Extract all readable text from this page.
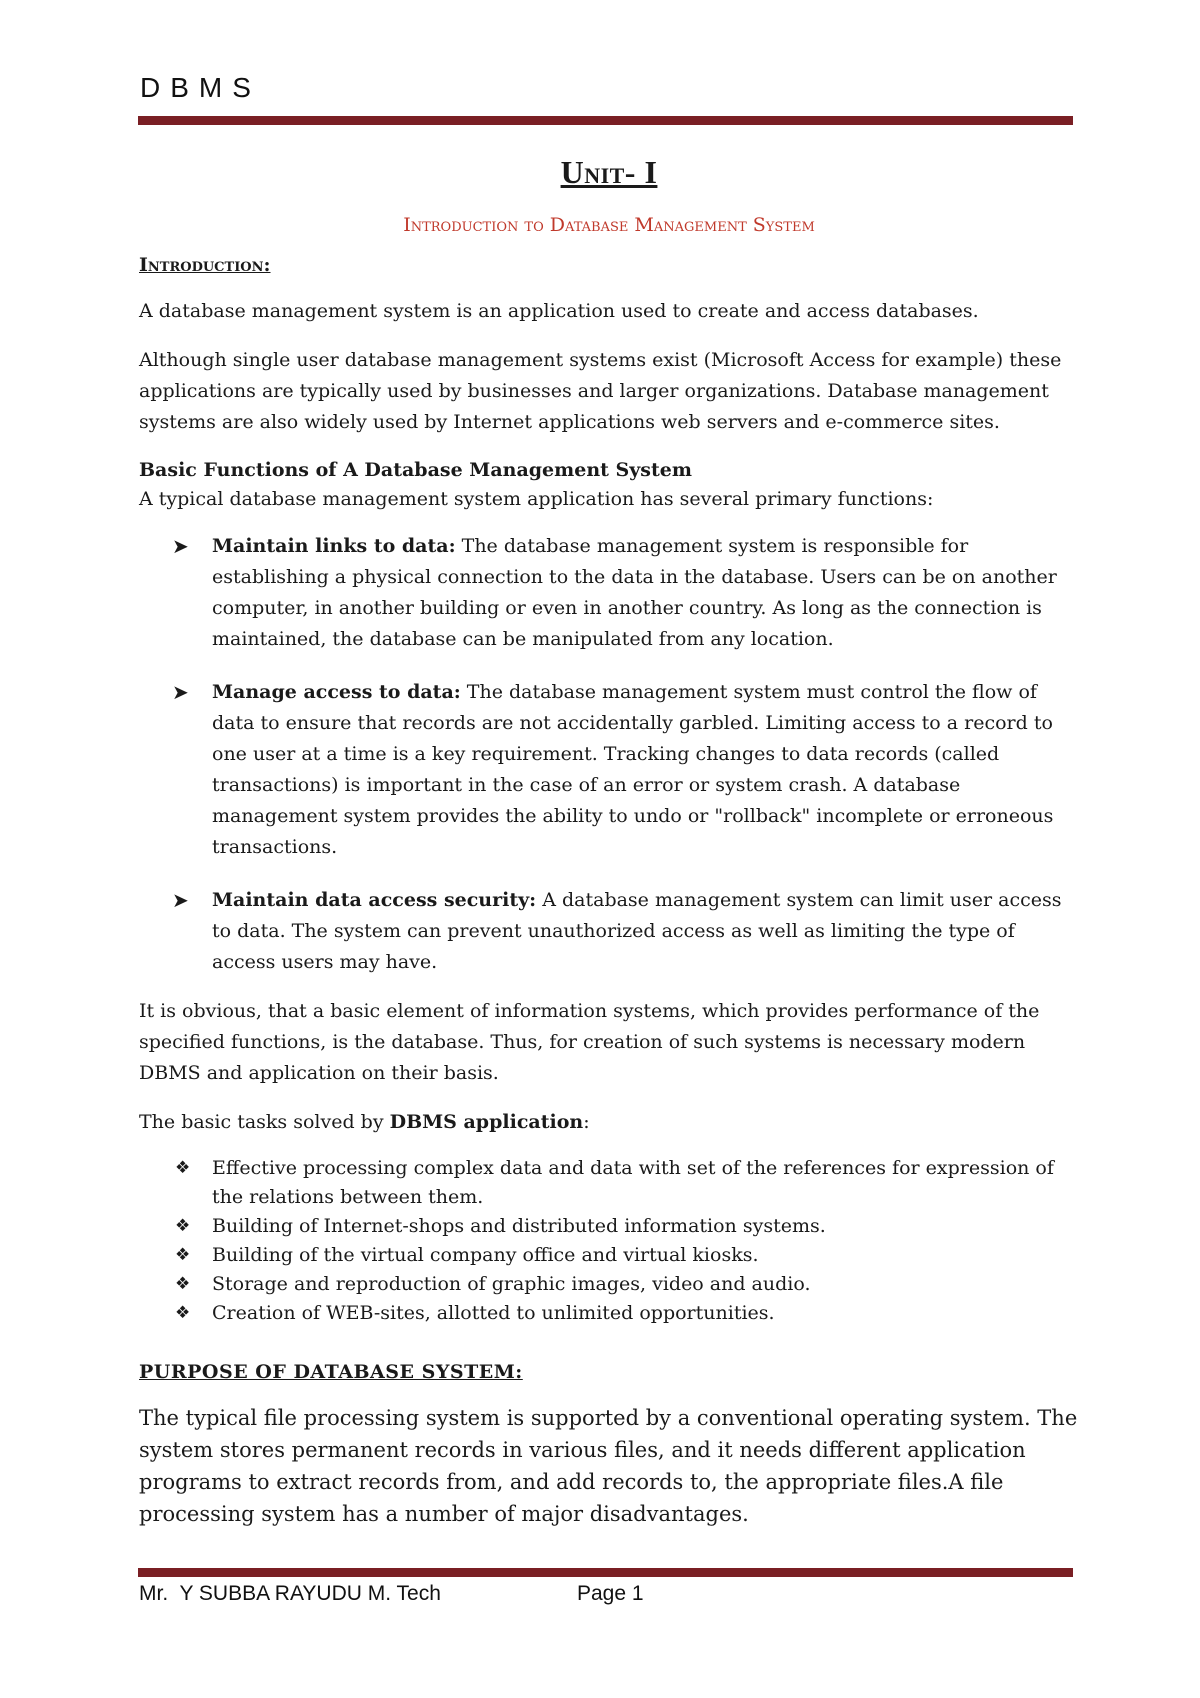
DBMS
Unit- I
Introduction to Database Management System
Introduction:

A database management system is an application used to create and access databases.

Although single user database management systems exist (Microsoft Access for example) these applications are typically used by businesses and larger organizations. Database management systems are also widely used by Internet applications web servers and e-commerce sites.

Basic Functions of A Database Management System

A typical database management system application has several primary functions:

➤ Maintain links to data: The database management system is responsible for establishing a physical connection to the data in the database. Users can be on another computer, in another building or even in another country. As long as the connection is maintained, the database can be manipulated from any location.
➤ Manage access to data: The database management system must control the flow of data to ensure that records are not accidentally garbled. Limiting access to a record to one user at a time is a key requirement. Tracking changes to data records (called transactions) is important in the case of an error or system crash. A database management system provides the ability to undo or "rollback" incomplete or erroneous transactions.
➤ Maintain data access security: A database management system can limit user access to data. The system can prevent unauthorized access as well as limiting the type of access users may have.

It is obvious, that a basic element of information systems, which provides performance of the specified functions, is the database. Thus, for creation of such systems is necessary modern DBMS and application on their basis.

The basic tasks solved by DBMS application:

❖ Effective processing complex data and data with set of the references for expression of the relations between them.
❖ Building of Internet-shops and distributed information systems.
❖ Building of the virtual company office and virtual kiosks.
❖ Storage and reproduction of graphic images, video and audio.
❖ Creation of WEB-sites, allotted to unlimited opportunities.
PURPOSE OF DATABASE SYSTEM:

The typical file processing system is supported by a conventional operating system. The system stores permanent records in various files, and it needs different application programs to extract records from, and add records to, the appropriate files.A file processing system has a number of major disadvantages.

Mr.  Y SUBBA RAYUDU M. Tech	Page 1
